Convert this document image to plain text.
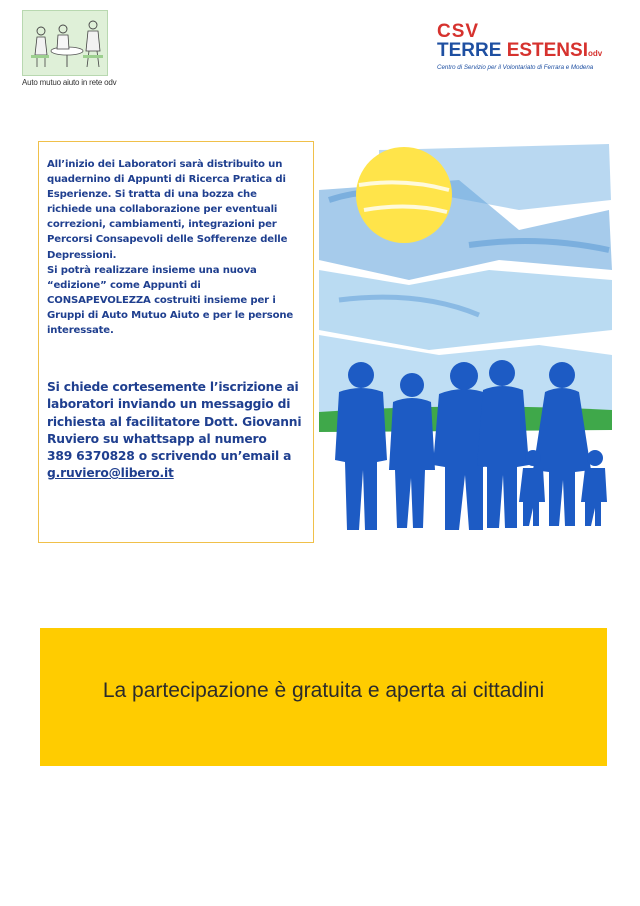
Auto mutuo aiuto in rete odv
CSV
TERRE ESTENSIodv
Centro di Servizio per il Volontariato di Ferrara e Modena

All’inizio dei Laboratori sarà distribuito un

quadernino di Appunti di Ricerca Pratica di

Esperienze. Si tratta di una bozza che

richiede una collaborazione per eventuali

correzioni, cambiamenti, integrazioni per

Percorsi Consapevoli delle Sofferenze delle

Depressioni.

Si potrà realizzare insieme una nuova

“edizione” come Appunti di

CONSAPEVOLEZZA costruiti insieme per i

Gruppi di Auto Mutuo Aiuto e per le persone

interessate.

Si chiede cortesemente l’iscrizione ai
laboratori inviando un messaggio di
richiesta al facilitatore Dott. Giovanni
Ruviero su whattsapp al numero
389 6370828 o scrivendo un’email a
g.ruviero@libero.it
La partecipazione è gratuita e aperta ai cittadini
